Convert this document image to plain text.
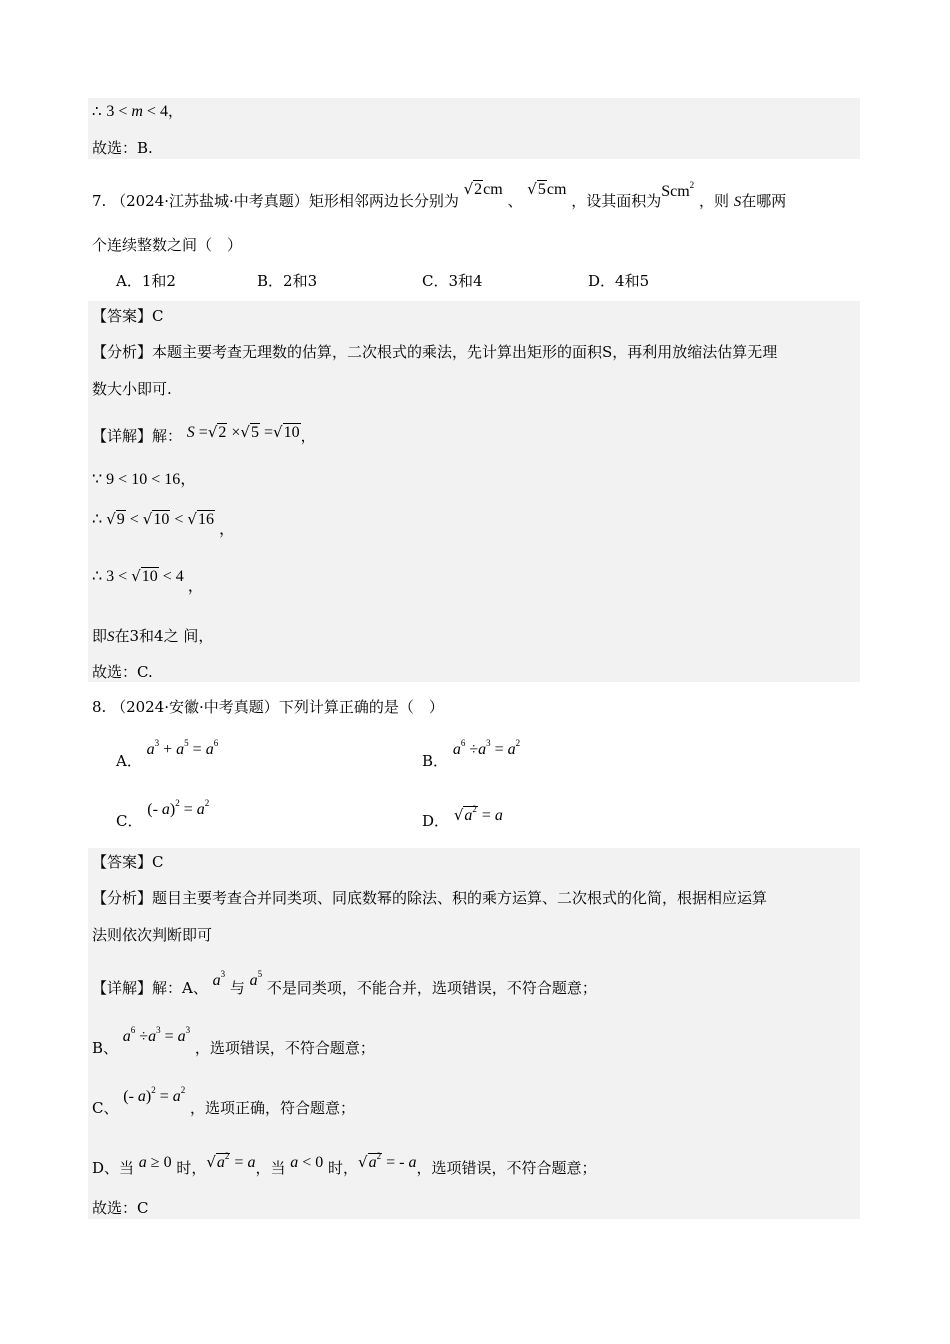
∴ 3 < m < 4，
故选：B.
7. （2024·江苏盐城·中考真题）矩形相邻两边长分别为 √2cm 、 √5cm ，设其面积为Scm$^2$ ，则 S在哪两
个连续整数之间（　）
A．1和2	B．2和3	C．3和4	D．4和5
【答案】C
【分析】本题主要考查无理数的估算，二次根式的乘法，先计算出矩形的面积S，再利用放缩法估算无理
数大小即可.
【详解】解： S =√2 ×√5 =√10，
∵ 9 < 10 < 16，
∴ √9 < √10 < √16 ，
∴ 3 < √10 < 4 ，
即S在3和4之 间，
故选：C.
8. （2024·安徽·中考真题）下列计算正确的是（　）
A． $a^3 + a^5 = a^6$
B． $a^6 \div a^3 = a^2$
C． (- $a)^2 = a^2$
D． $√a^2 = a$
【答案】C
【分析】题目主要考查合并同类项、同底数幂的除法、积的乘方运算、二次根式的化简，根据相应运算
法则依次判断即可
【详解】解：A、 $a^3$ 与 $a^5$ 不是同类项，不能合并，选项错误，不符合题意；
B、 $a^6 \div a^3 = a^3$ ，选项错误，不符合题意；
C、 (- $a)^2 = a^2$ ，选项正确，符合题意；
D、当 a ≥ 0 时，$√a^2 = a$，当 a < 0 时，$√a^2$ = - a，选项错误，不符合题意；
故选：C
